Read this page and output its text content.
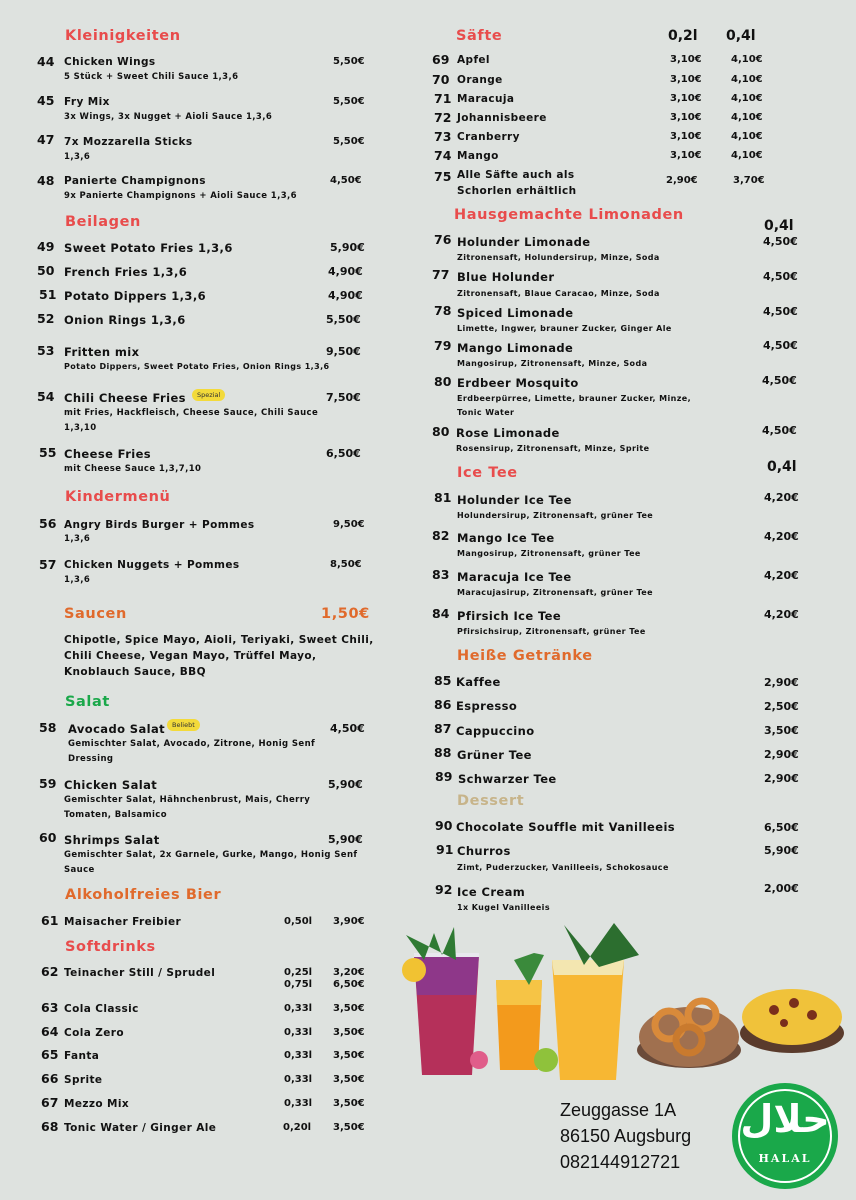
Kleinigkeiten
44 Chicken Wings
5 Stück + Sweet Chili Sauce 1,3,6
5,50€
45 Fry Mix
3x Wings, 3x Nugget + Aioli Sauce 1,3,6
5,50€
47 7x Mozzarella Sticks
1,3,6
5,50€
48 Panierte Champignons
9x Panierte Champignons + Aioli Sauce 1,3,6
4,50€
Beilagen
49 Sweet Potato Fries 1,3,6	5,90€
50 French Fries 1,3,6	4,90€
51 Potato Dippers 1,3,6	4,90€
52 Onion Rings 1,3,6	5,50€
53 Fritten mix
Potato Dippers, Sweet Potato Fries, Onion Rings 1,3,6
9,50€
54 Chili Cheese Fries	Spezial
mit Fries, Hackfleisch, Cheese Sauce, Chili Sauce
1,3,10
7,50€
55 Cheese Fries
mit Cheese Sauce 1,3,7,10
6,50€
Kindermenü
56 Angry Birds Burger + Pommes
1,3,6
9,50€
57 Chicken Nuggets + Pommes
1,3,6
8,50€
Saucen	1,50€
Chipotle, Spice Mayo, Aioli, Teriyaki, Sweet Chili,
Chili Cheese, Vegan Mayo, Trüffel Mayo,
Knoblauch Sauce, BBQ
Salat
58 Avocado Salat	Beliebt
Gemischter Salat, Avocado, Zitrone, Honig Senf
Dressing
4,50€
59 Chicken Salat
Gemischter Salat, Hähnchenbrust, Mais, Cherry
Tomaten, Balsamico
5,90€
60 Shrimps Salat
Gemischter Salat, 2x Garnele, Gurke, Mango, Honig Senf
Sauce
5,90€
Alkoholfreies Bier
61 Maisacher Freibier	0,50l 3,90€
Softdrinks
62 Teinacher Still / Sprudel	0,25l 3,20€
0,75l 6,50€
63 Cola Classic	0,33l 3,50€
64 Cola Zero	0,33l 3,50€
65 Fanta	0,33l 3,50€
66 Sprite	0,33l 3,50€
67 Mezzo Mix	0,33l 3,50€
68 Tonic Water / Ginger Ale	0,20l 3,50€
Säfte	0,2l 0,4l
69 Apfel	3,10€	4,10€
70 Orange	3,10€	4,10€
71 Maracuja	3,10€	4,10€
72 Johannisbeere	3,10€	4,10€
73 Cranberry	3,10€	4,10€
74 Mango	3,10€	4,10€
75 Alle Säfte auch als
Schorlen erhältlich
2,90€	3,70€
Hausgemachte Limonaden
0,4l
76 Holunder Limonade
Zitronensaft, Holundersirup, Minze, Soda
4,50€
77 Blue Holunder
Zitronensaft, Blaue Caracao, Minze, Soda
4,50€
78 Spiced Limonade
Limette, Ingwer, brauner Zucker, Ginger Ale
4,50€
79 Mango Limonade
Mangosirup, Zitronensaft, Minze, Soda
4,50€
80 Erdbeer Mosquito
Erdbeerpürree, Limette, brauner Zucker, Minze,
Tonic Water
4,50€
80 Rose Limonade
Rosensirup, Zitronensaft, Minze, Sprite
4,50€
Ice Tee	0,4l
81 Holunder Ice Tee
Holundersirup, Zitronensaft, grüner Tee
4,20€
82 Mango Ice Tee
Mangosirup, Zitronensaft, grüner Tee
4,20€
83 Maracuja Ice Tee
Maracujasirup, Zitronensaft, grüner Tee
4,20€
84 Pfirsich Ice Tee
Pfirsichsirup, Zitronensaft, grüner Tee
4,20€
Heiße Getränke
85 Kaffee	2,90€
86 Espresso	2,50€
87 Cappuccino	3,50€
88 Grüner Tee	2,90€
89 Schwarzer Tee	2,90€
Dessert
90 Chocolate Souffle mit Vanilleeis	6,50€
91 Churros
Zimt, Puderzucker, Vanilleeis, Schokosauce
5,90€
92 Ice Cream
1x Kugel Vanilleeis
2,00€
Zeuggasse 1A
86150 Augsburg
082144912721
حلال
HALAL
